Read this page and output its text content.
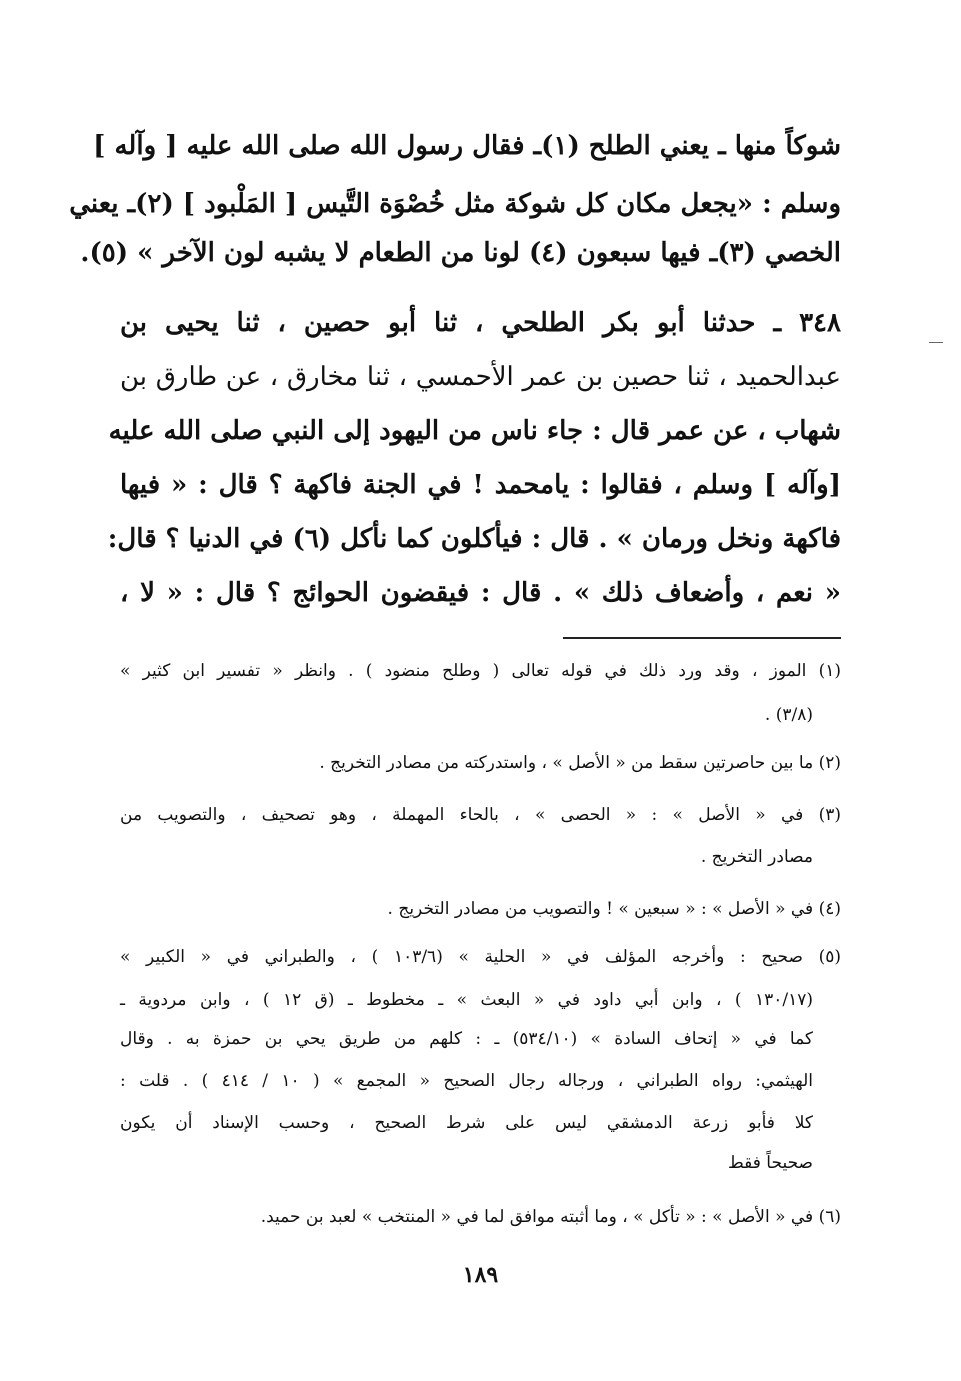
شوكاً منها ـ يعني الطلح (١)ـ فقال رسول الله صلى الله عليه [ وآله ]
وسلم : «يجعل مكان كل شوكة مثل خُصْوَة التَّيس [ المَلْبود ] (٢)ـ يعني
الخصي (٣)ـ فيها سبعون (٤) لونا من الطعام لا يشبه لون الآخر » (٥).
٣٤٨ ـ حدثنا أبو بكر الطلحي ، ثنا أبو حصين ، ثنا يحيى بن
عبدالحميد ، ثنا حصين بن عمر الأحمسي ، ثنا مخارق ، عن طارق بن
شهاب ، عن عمر قال : جاء ناس من اليهود إلى النبي صلى الله عليه
[وآله ] وسلم ، فقالوا : يامحمد ! في الجنة فاكهة ؟ قال : « فيها
فاكهة ونخل ورمان » . قال : فيأكلون كما نأكل (٦) في الدنيا ؟ قال:
« نعم ، وأضعاف ذلك » . قال : فيقضون الحوائج ؟ قال : « لا ،
(١) الموز ، وقد ورد ذلك في قوله تعالى ( وطلح منضود ) . وانظر « تفسير ابن كثير »
(٣/٨) .
(٢) ما بين حاصرتين سقط من « الأصل » ، واستدركته من مصادر التخريج .
(٣) في « الأصل » : « الحصى » ، بالحاء المهملة ، وهو تصحيف ، والتصويب من
مصادر التخريج .
(٤) في « الأصل » : « سبعين » ! والتصويب من مصادر التخريج .
(٥) صحيح : وأخرجه المؤلف في « الحلية » (١٠٣/٦ ) ، والطبراني في « الكبير »
(١٣٠/١٧ ) ، وابن أبي داود في « البعث » ـ مخطوط ـ (ق ١٢ ) ، وابن مردوية ـ
كما في « إتحاف السادة » (٥٣٤/١٠) ـ : كلهم من طريق يحي بن حمزة به . وقال
الهيثمي: رواه الطبراني ، ورجاله رجال الصحيح « المجمع » ( ١٠ / ٤١٤ ) . قلت :
كلا فأبو زرعة الدمشقي ليس على شرط الصحيح ، وحسب الإسناد أن يكون
صحيحاً فقط
(٦) في « الأصل » : « تأكل » ، وما أثبته موافق لما في « المنتخب » لعبد بن حميد.
١٨٩
